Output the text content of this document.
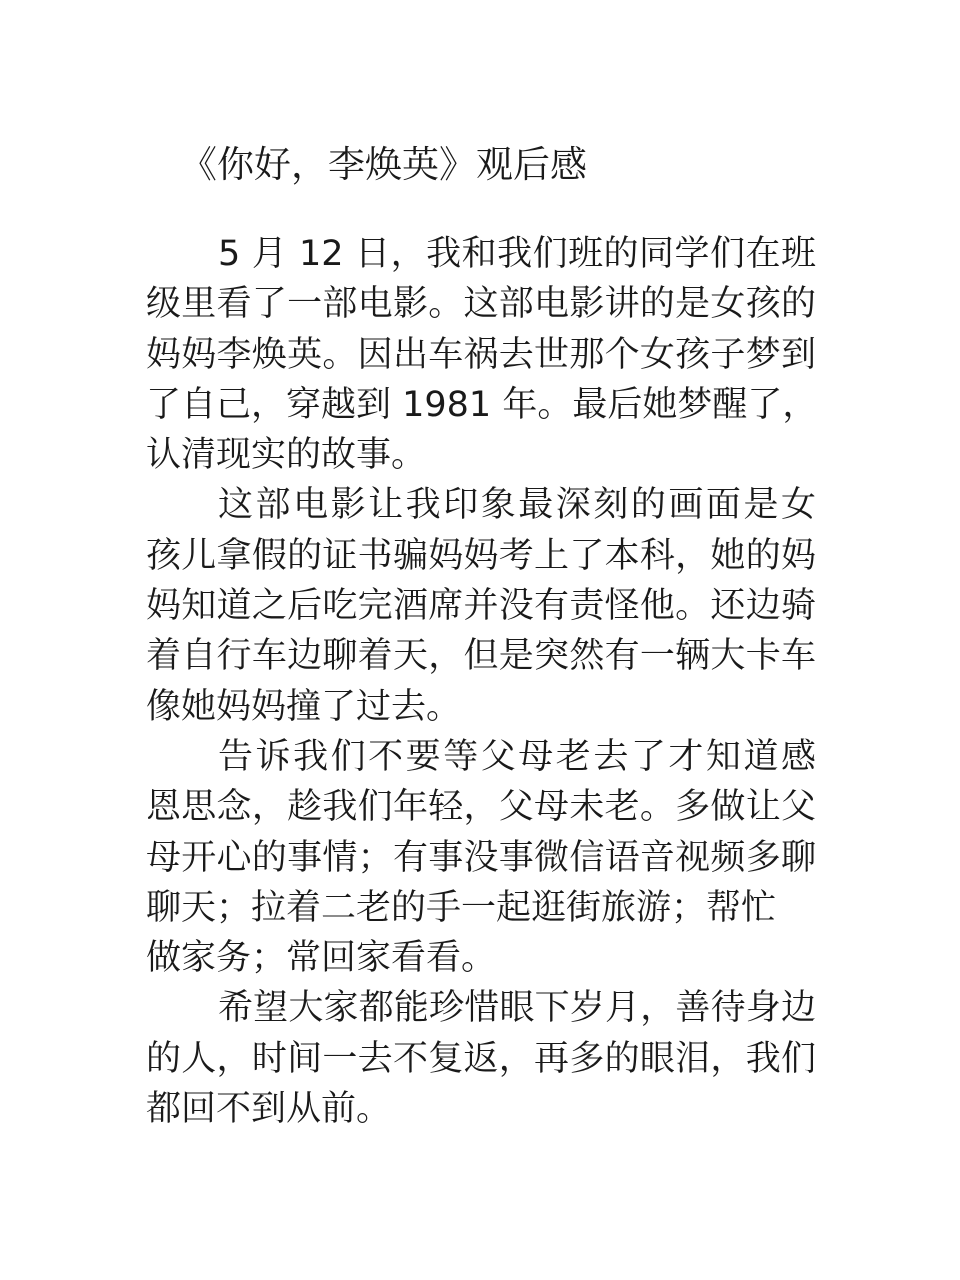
《你好，李焕英》观后感
5 月 12 日，我和我们班的同学们在班
级里看了一部电影。这部电影讲的是女孩的
妈妈李焕英。因出车祸去世那个女孩子梦到
了自己，穿越到 1981 年。最后她梦醒了，
认清现实的故事。
这部电影让我印象最深刻的画面是女
孩儿拿假的证书骗妈妈考上了本科，她的妈
妈知道之后吃完酒席并没有责怪他。还边骑
着自行车边聊着天，但是突然有一辆大卡车
像她妈妈撞了过去。
告诉我们不要等父母老去了才知道感
恩思念，趁我们年轻，父母未老。多做让父
母开心的事情；有事没事微信语音视频多聊
聊天；拉着二老的手一起逛街旅游；帮忙
做家务；常回家看看。
希望大家都能珍惜眼下岁月，善待身边
的人，时间一去不复返，再多的眼泪，我们
都回不到从前。
